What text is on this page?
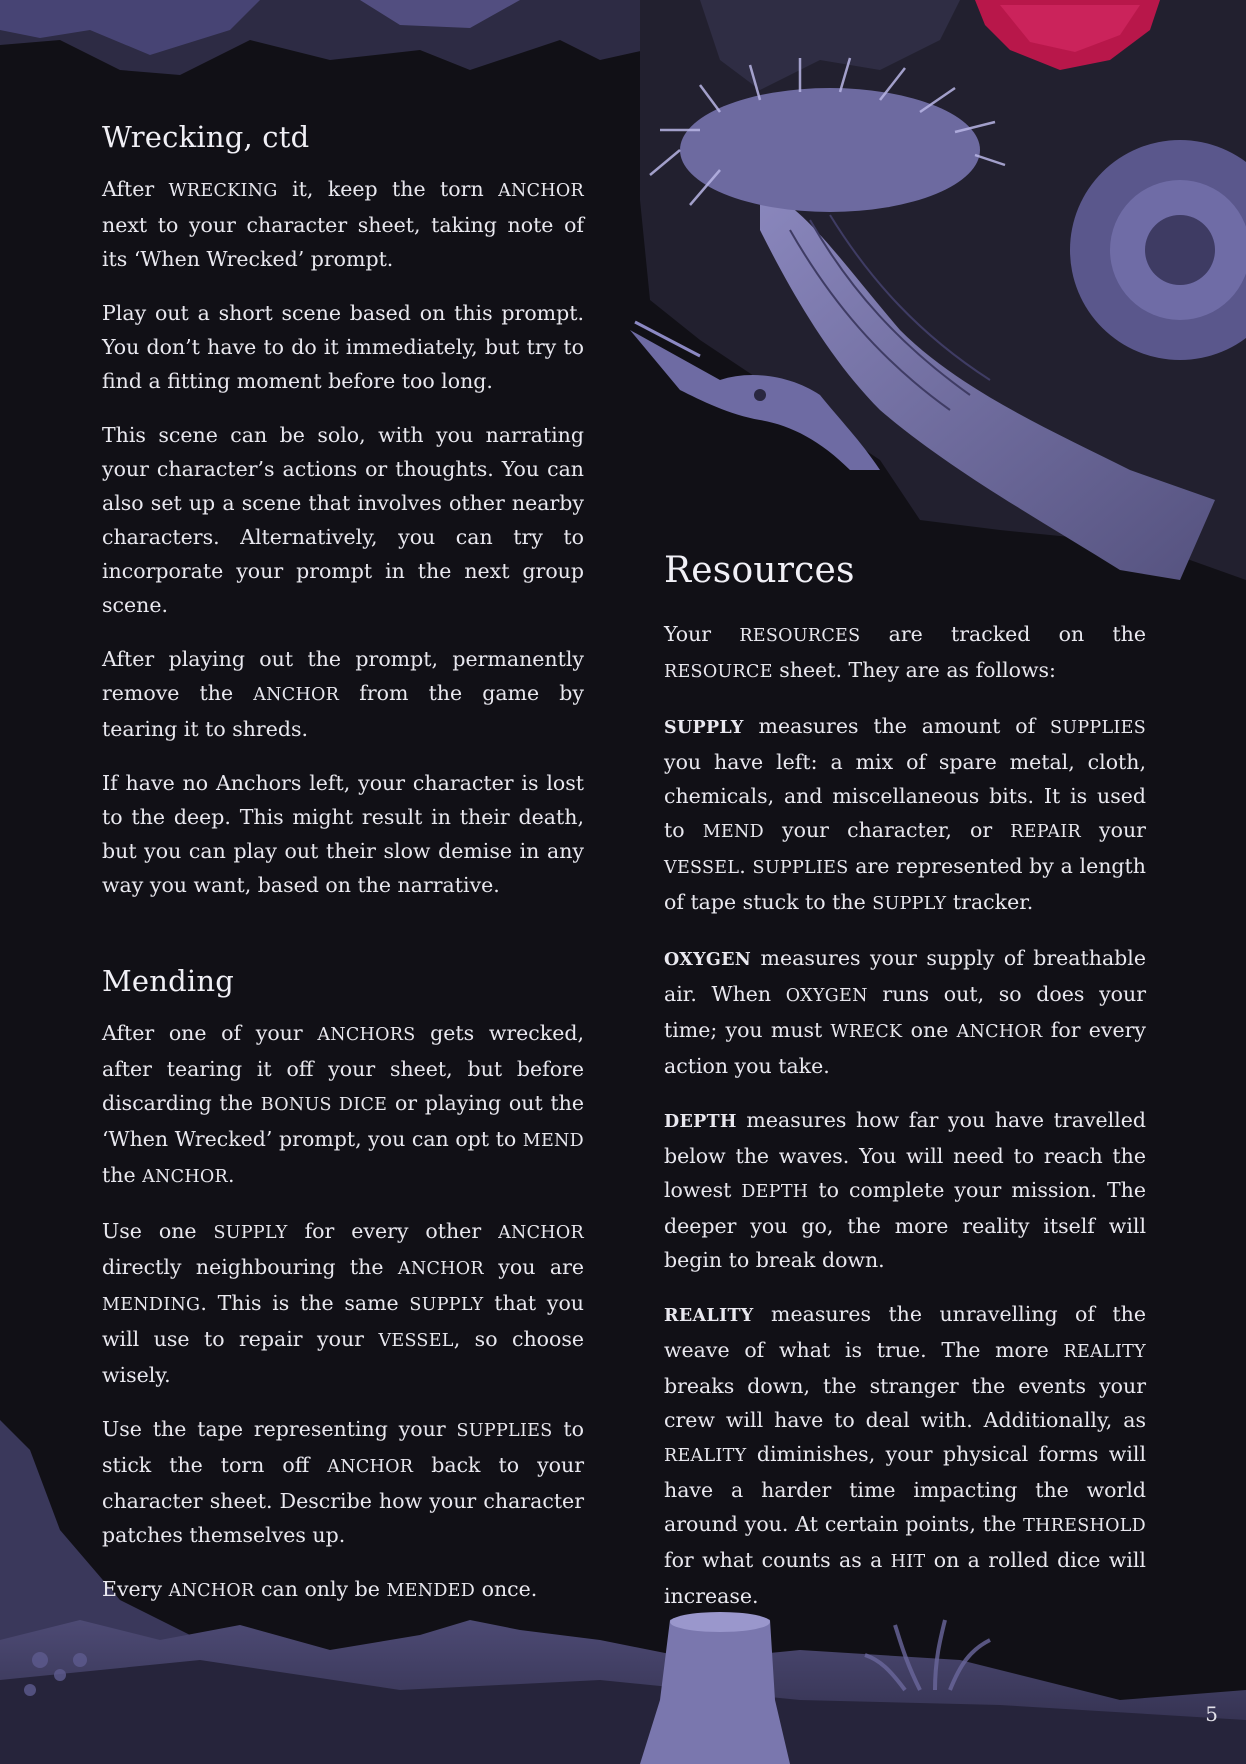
Wrecking, ctd

After WRECKING it, keep the torn ANCHOR next to your character sheet, taking note of its ‘When Wrecked’ prompt.

Play out a short scene based on this prompt. You don’t have to do it immediately, but try to find a fitting moment before too long.

This scene can be solo, with you narrating your character’s actions or thoughts. You can also set up a scene that involves other nearby characters. Alternatively, you can try to incorporate your prompt in the next group scene.

After playing out the prompt, permanently remove the ANCHOR from the game by tearing it to shreds.

If have no Anchors left, your character is lost to the deep. This might result in their death, but you can play out their slow demise in any way you want, based on the narrative.

Mending

After one of your ANCHORS gets wrecked, after tearing it off your sheet, but before discarding the BONUS DICE or playing out the ‘When Wrecked’ prompt, you can opt to MEND the ANCHOR.

Use one SUPPLY for every other ANCHOR directly neighbouring the ANCHOR you are MENDING. This is the same SUPPLY that you will use to repair your VESSEL, so choose wisely.

Use the tape representing your SUPPLIES to stick the torn off ANCHOR back to your character sheet. Describe how your character patches themselves up.

Every ANCHOR can only be MENDED once.

Resources

Your RESOURCES are tracked on the RESOURCE sheet. They are as follows:

SUPPLY measures the amount of SUPPLIES you have left: a mix of spare metal, cloth, chemicals, and miscellaneous bits. It is used to MEND your character, or REPAIR your VESSEL. SUPPLIES are represented by a length of tape stuck to the SUPPLY tracker.

OXYGEN measures your supply of breathable air. When OXYGEN runs out, so does your time; you must WRECK one ANCHOR for every action you take.

DEPTH measures how far you have travelled below the waves. You will need to reach the lowest DEPTH to complete your mission. The deeper you go, the more reality itself will begin to break down.

REALITY measures the unravelling of the weave of what is true. The more REALITY breaks down, the stranger the events your crew will have to deal with. Additionally, as REALITY diminishes, your physical forms will have a harder time impacting the world around you. At certain points, the THRESHOLD for what counts as a HIT on a rolled dice will increase.

5
